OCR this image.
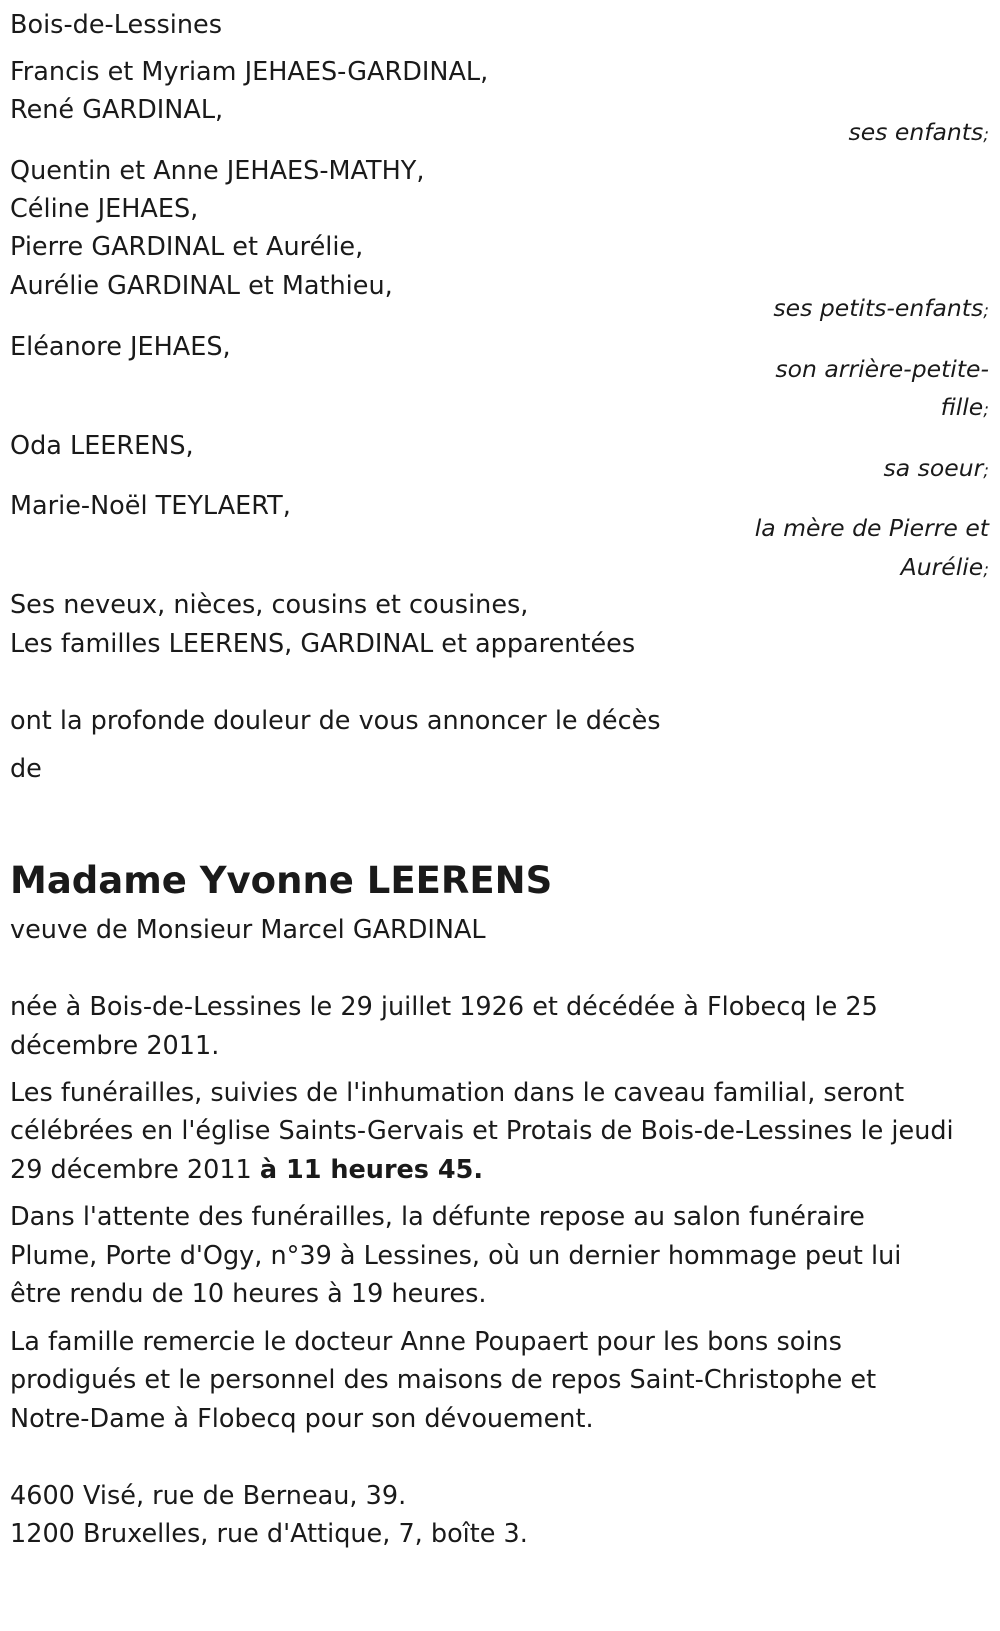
Bois-de-Lessines
Francis et Myriam JEHAES-GARDINAL,
René GARDINAL,
ses enfants;
Quentin et Anne JEHAES-MATHY,
Céline JEHAES,
Pierre GARDINAL et Aurélie,
Aurélie GARDINAL et Mathieu,
ses petits-enfants;
Eléanore JEHAES,
son arrière-petite-
fille;
Oda LEERENS,
sa soeur;
Marie-Noël TEYLAERT,
la mère de Pierre et
Aurélie;
Ses neveux, nièces, cousins et cousines,
Les familles LEERENS, GARDINAL et apparentées
ont la profonde douleur de vous annoncer le décès
de
Madame Yvonne LEERENS
veuve de Monsieur Marcel GARDINAL
née à Bois-de-Lessines le 29 juillet 1926 et décédée à Flobecq le 25
décembre 2011.
Les funérailles, suivies de l'inhumation dans le caveau familial, seront
célébrées en l'église Saints-Gervais et Protais de Bois-de-Lessines le jeudi
29 décembre 2011 à 11 heures 45.
Dans l'attente des funérailles, la défunte repose au salon funéraire
Plume, Porte d'Ogy, n°39 à Lessines, où un dernier hommage peut lui
être rendu de 10 heures à 19 heures.
La famille remercie le docteur Anne Poupaert pour les bons soins
prodigués et le personnel des maisons de repos Saint-Christophe et
Notre-Dame à Flobecq pour son dévouement.
4600 Visé, rue de Berneau, 39.
1200 Bruxelles, rue d'Attique, 7, boîte 3.
